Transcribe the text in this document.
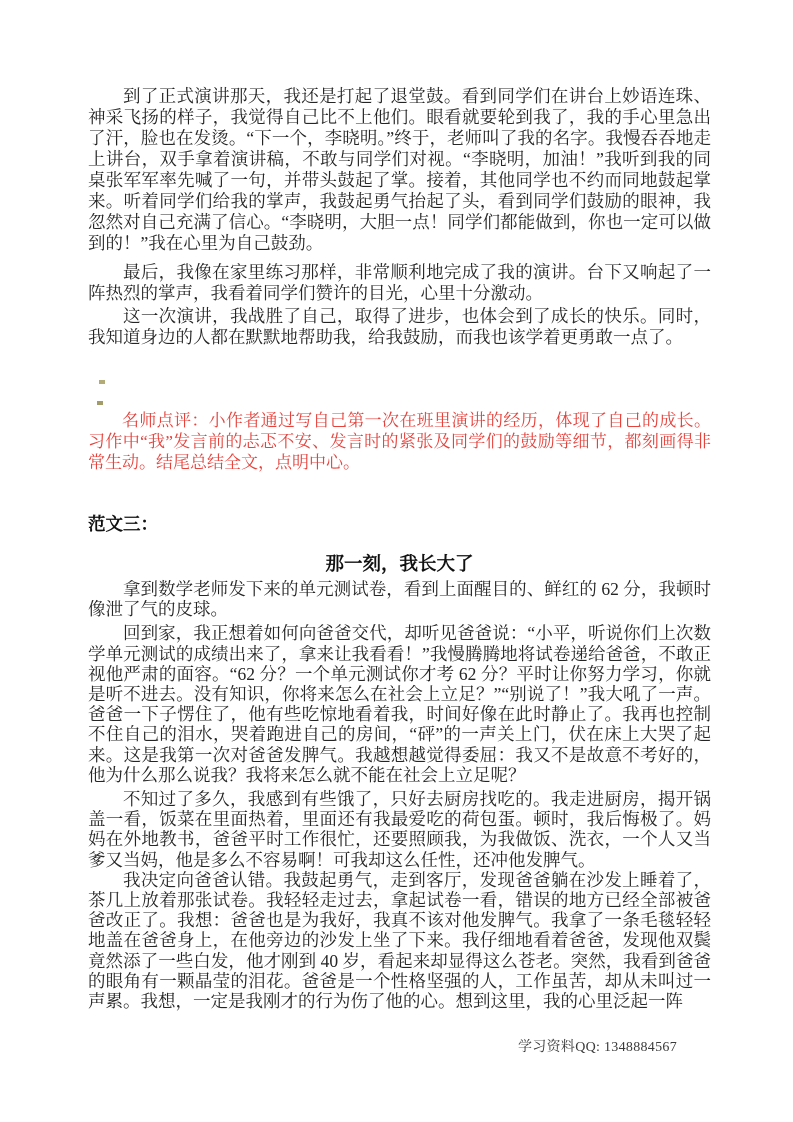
到了正式演讲那天，我还是打起了退堂鼓。看到同学们在讲台上妙语连珠、神采飞扬的样子，我觉得自己比不上他们。眼看就要轮到我了，我的手心里急出了汗，脸也在发烫。“下一个，李晓明。”终于，老师叫了我的名字。我慢吞吞地走上讲台，双手拿着演讲稿，不敢与同学们对视。“李晓明，加油！”我听到我的同桌张军军率先喊了一句，并带头鼓起了掌。接着，其他同学也不约而同地鼓起掌来。听着同学们给我的掌声，我鼓起勇气抬起了头，看到同学们鼓励的眼神，我忽然对自己充满了信心。“李晓明，大胆一点！同学们都能做到，你也一定可以做到的！”我在心里为自己鼓劲。

最后，我像在家里练习那样，非常顺利地完成了我的演讲。台下又响起了一阵热烈的掌声，我看着同学们赞许的目光，心里十分激动。

这一次演讲，我战胜了自己，取得了进步，也体会到了成长的快乐。同时，我知道身边的人都在默默地帮助我，给我鼓励，而我也该学着更勇敢一点了。

名师点评：小作者通过写自己第一次在班里演讲的经历，体现了自己的成长。习作中“我”发言前的忐忑不安、发言时的紧张及同学们的鼓励等细节，都刻画得非常生动。结尾总结全文，点明中心。

范文三：
那一刻，我长大了

拿到数学老师发下来的单元测试卷，看到上面醒目的、鲜红的 62 分，我顿时像泄了气的皮球。

回到家，我正想着如何向爸爸交代，却听见爸爸说：“小平，听说你们上次数学单元测试的成绩出来了，拿来让我看看！”我慢腾腾地将试卷递给爸爸，不敢正视他严肃的面容。“62 分？一个单元测试你才考 62 分？平时让你努力学习，你就是听不进去。没有知识，你将来怎么在社会上立足？”“别说了！”我大吼了一声。爸爸一下子愣住了，他有些吃惊地看着我，时间好像在此时静止了。我再也控制不住自己的泪水，哭着跑进自己的房间，“砰”的一声关上门，伏在床上大哭了起来。这是我第一次对爸爸发脾气。我越想越觉得委屈：我又不是故意不考好的，他为什么那么说我？我将来怎么就不能在社会上立足呢？

不知过了多久，我感到有些饿了，只好去厨房找吃的。我走进厨房，揭开锅盖一看，饭菜在里面热着，里面还有我最爱吃的荷包蛋。顿时，我后悔极了。妈妈在外地教书，爸爸平时工作很忙，还要照顾我，为我做饭、洗衣，一个人又当爹又当妈，他是多么不容易啊！可我却这么任性，还冲他发脾气。

我决定向爸爸认错。我鼓起勇气，走到客厅，发现爸爸躺在沙发上睡着了，茶几上放着那张试卷。我轻轻走过去，拿起试卷一看，错误的地方已经全部被爸爸改正了。我想：爸爸也是为我好，我真不该对他发脾气。我拿了一条毛毯轻轻地盖在爸爸身上，在他旁边的沙发上坐了下来。我仔细地看着爸爸，发现他双鬓竟然添了一些白发，他才刚到 40 岁，看起来却显得这么苍老。突然，我看到爸爸的眼角有一颗晶莹的泪花。爸爸是一个性格坚强的人，工作虽苦，却从未叫过一声累。我想，一定是我刚才的行为伤了他的心。想到这里，我的心里泛起一阵

学习资料QQ: 1348884567
